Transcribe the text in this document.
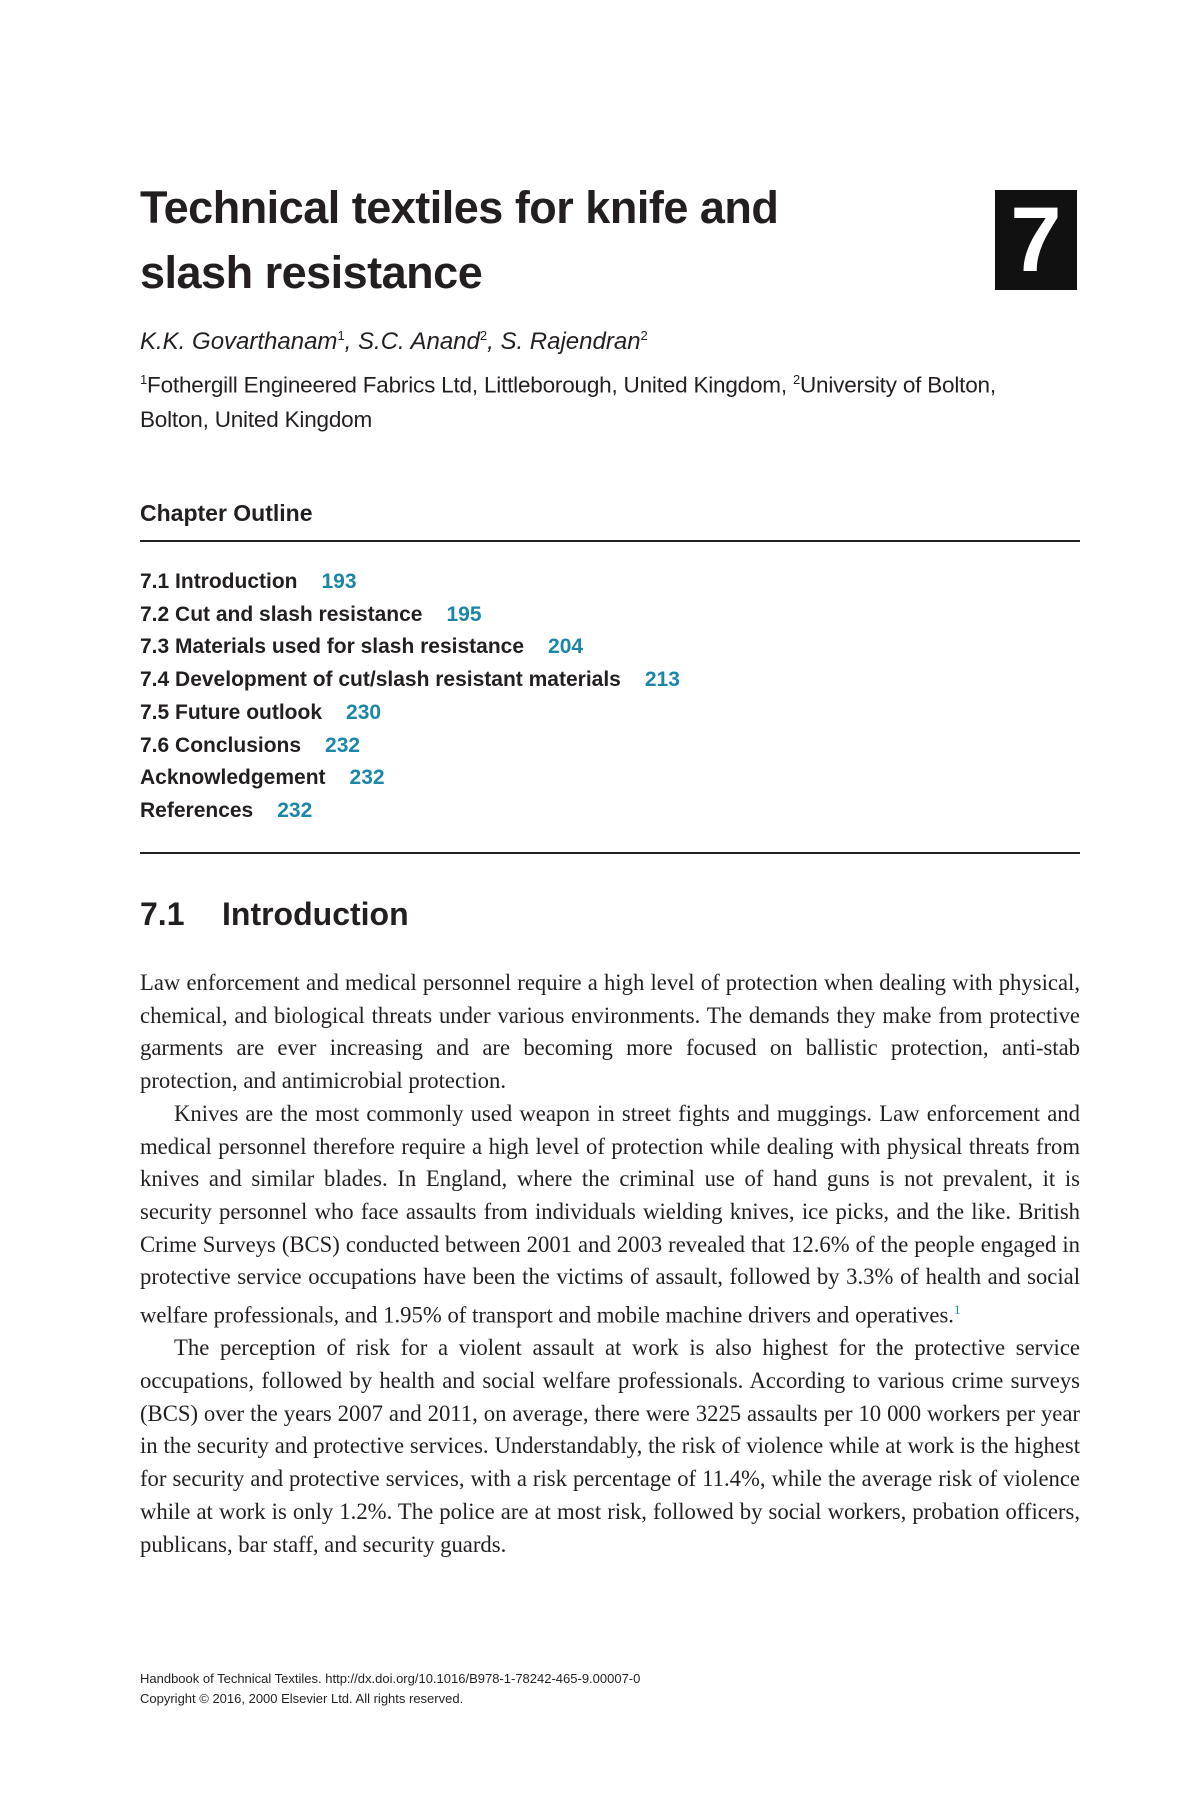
Technical textiles for knife and
slash resistance	7
K.K. Govarthanam$^1$, S.C. Anand$^2$, S. Rajendran$^2$
$^1$Fothergill Engineered Fabrics Ltd, Littleborough, United Kingdom, $^2$University of Bolton,
Bolton, United Kingdom
Chapter Outline
7.1 Introduction 193
7.2 Cut and slash resistance 195
7.3 Materials used for slash resistance 204
7.4 Development of cut/slash resistant materials 213
7.5 Future outlook 230
7.6 Conclusions 232
Acknowledgement 232
References 232
7.1 Introduction

Law enforcement and medical personnel require a high level of protection when dealing with physical, chemical, and biological threats under various environments. The demands they make from protective garments are ever increasing and are becoming more focused on ballistic protection, anti-stab protection, and antimicrobial protection.

Knives are the most commonly used weapon in street fights and muggings. Law enforcement and medical personnel therefore require a high level of protection while dealing with physical threats from knives and similar blades. In England, where the criminal use of hand guns is not prevalent, it is security personnel who face assaults from individuals wielding knives, ice picks, and the like. British Crime Surveys (BCS) conducted between 2001 and 2003 revealed that 12.6% of the people engaged in protective service occupations have been the victims of assault, followed by 3.3% of health and social welfare professionals, and 1.95% of transport and mobile machine drivers and operatives.$^1$

The perception of risk for a violent assault at work is also highest for the protective service occupations, followed by health and social welfare professionals. According to various crime surveys (BCS) over the years 2007 and 2011, on average, there were 3225 assaults per 10 000 workers per year in the security and protective services. Understandably, the risk of violence while at work is the highest for security and protective services, with a risk percentage of 11.4%, while the average risk of violence while at work is only 1.2%. The police are at most risk, followed by social workers, probation officers, publicans, bar staff, and security guards.

Handbook of Technical Textiles. http://dx.doi.org/10.1016/B978-1-78242-465-9.00007-0
Copyright © 2016, 2000 Elsevier Ltd. All rights reserved.
